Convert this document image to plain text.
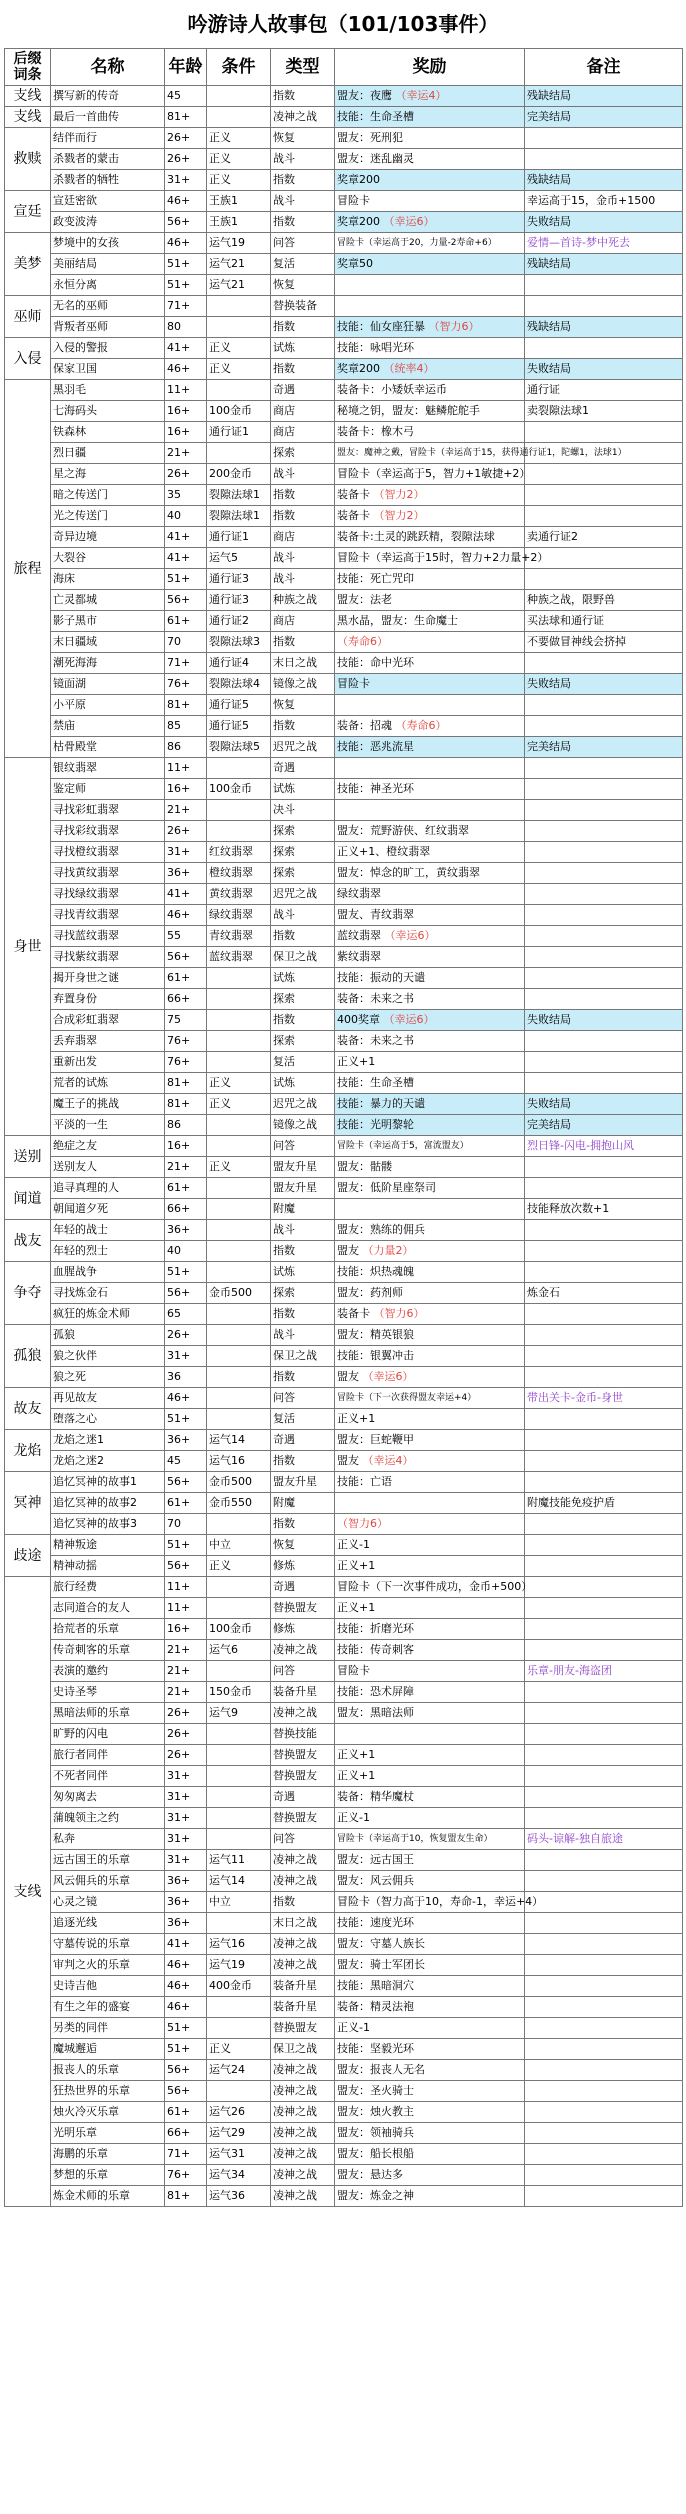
吟游诗人故事包（101/103事件）
后缀词条	名称	年龄	条件	类型	奖励	备注
支线	撰写新的传奇	45		指数	盟友：夜鹰 （幸运4）	残缺结局
支线	最后一首曲传	81+		凌神之战	技能：生命圣槽	完美结局
救赎	结伴而行	26+	正义	恢复	盟友：死刑犯	
	杀戮者的蒙击	26+	正义	战斗	盟友：迷乱幽灵	
	杀戮者的牺牲	31+	正义	指数	奖章200	残缺结局
宣廷	宣廷密欲	46+	王族1	战斗	冒险卡	幸运高于15，金币+1500
	政变波涛	56+	王族1	指数	奖章200 （幸运6）	失败结局
美梦	梦境中的女孩	46+	运气19	问答	冒险卡（幸运高于20，力量-2寿命+6）	爱情—首诗-梦中死去
	美丽结局	51+	运气21	复活	奖章50	残缺结局
	永恒分离	51+	运气21	恢复		
巫师	无名的巫师	71+		替换装备		
	背叛者巫师	80		指数	技能：仙女座狂暴 （智力6）	残缺结局
入侵	入侵的警报	41+	正义	试炼	技能：咏唱光环	
	保家卫国	46+	正义	指数	奖章200 （统率4）	失败结局
旅程	黑羽毛	11+		奇遇	装备卡：小矮妖幸运币	通行证
	七海码头	16+	100金币	商店	秘境之钥，盟友：魅鳞舵舵手	卖裂隙法球1
	铁森林	16+	通行证1	商店	装备卡：橡木弓	
	烈日疆	21+		探索	盟友：魔神之戴，冒险卡（幸运高于15，获得通行证1，陀螺1，法球1）	
	星之海	26+	200金币	战斗	冒险卡（幸运高于5，智力+1敏捷+2）	
	暗之传送门	35	裂隙法球1	指数	装备卡 （智力2）	
	光之传送门	40	裂隙法球1	指数	装备卡 （智力2）	
	奇异边境	41+	通行证1	商店	装备卡:土灵的跳跃精，裂隙法球	卖通行证2
	大裂谷	41+	运气5	战斗	冒险卡（幸运高于15时，智力+2力量+2）	
	海床	51+	通行证3	战斗	技能：死亡咒印	
	亡灵都城	56+	通行证3	种族之战	盟友：法老	种族之战，限野兽
	影子黑市	61+	通行证2	商店	黑水晶，盟友：生命魔士	买法球和通行证
	末日疆域	70	裂隙法球3	指数	（寿命6）	不要做冒神线会挤掉
	潮死海海	71+	通行证4	末日之战	技能：命中光环	
	镜面湖	76+	裂隙法球4	镜像之战	冒险卡	失败结局
	小平原	81+	通行证5	恢复		
	禁庙	85	通行证5	指数	装备：招魂 （寿命6）	
	枯骨殿堂	86	裂隙法球5	迟咒之战	技能：恶兆流星	完美结局
身世	银纹翡翠	11+		奇遇		
	鉴定师	16+	100金币	试炼	技能：神圣光环	
	寻找彩虹翡翠	21+		决斗		
	寻找彩纹翡翠	26+		探索	盟友：荒野游侠、红纹翡翠	
	寻找橙纹翡翠	31+	红纹翡翠	探索	正义+1、橙纹翡翠	
	寻找黄纹翡翠	36+	橙纹翡翠	探索	盟友：悼念的旷工，黄纹翡翠	
	寻找绿纹翡翠	41+	黄纹翡翠	迟咒之战	绿纹翡翠	
	寻找青纹翡翠	46+	绿纹翡翠	战斗	盟友、青纹翡翠	
	寻找蓝纹翡翠	55	青纹翡翠	指数	蓝纹翡翠 （幸运6）	
	寻找紫纹翡翠	56+	蓝纹翡翠	保卫之战	紫纹翡翠	
	揭开身世之谜	61+		试炼	技能：振动的天谴	
	弃置身份	66+		探索	装备：未来之书	
	合成彩虹翡翠	75		指数	400奖章 （幸运6）	失败结局
	丢弃翡翠	76+		探索	装备：未来之书	
	重新出发	76+		复活	正义+1	
	荒者的试炼	81+	正义	试炼	技能：生命圣槽	
	魔王子的挑战	81+	正义	迟咒之战	技能：暴力的天谴	失败结局
	平淡的一生	86		镜像之战	技能：光明黎轮	完美结局
送别	绝症之友	16+		问答	冒险卡（幸运高于5，富流盟友）	烈日锋-闪电-拥抱山风
	送别友人	21+	正义	盟友升星	盟友：骷髅	
闻道	追寻真理的人	61+		盟友升星	盟友：低阶星座祭司	
	朝闻道夕死	66+		附魔		技能释放次数+1
战友	年轻的战士	36+		战斗	盟友：熟练的佣兵	
	年轻的烈士	40		指数	盟友 （力量2）	
争夺	血腥战争	51+		试炼	技能：炽热魂魄	
	寻找炼金石	56+	金币500	探索	盟友：药剂师	炼金石
	疯狂的炼金术师	65		指数	装备卡 （智力6）	
孤狼	孤狼	26+		战斗	盟友：精英银狼	
	狼之伙伴	31+		保卫之战	技能：银翼冲击	
	狼之死	36		指数	盟友 （幸运6）	
故友	再见故友	46+		问答	冒险卡（下一次获得盟友幸运+4）	带出关卡-金币-身世
	堕落之心	51+		复活	正义+1	
龙焰	龙焰之迷1	36+	运气14	奇遇	盟友：巨蛇鞭甲	
	龙焰之迷2	45	运气16	指数	盟友 （幸运4）	
冥神	追忆冥神的故事1	56+	金币500	盟友升星	技能：亡语	
	追忆冥神的故事2	61+	金币550	附魔		附魔技能免疫护盾
	追忆冥神的故事3	70		指数	（智力6）	
歧途	精神叛途	51+	中立	恢复	正义-1	
	精神动摇	56+	正义	修炼	正义+1	
支线	旅行经费	11+		奇遇	冒险卡（下一次事件成功，金币+500）	
	志同道合的友人	11+		替换盟友	正义+1	
	拾荒者的乐章	16+	100金币	修炼	技能：折磨光环	
	传奇刺客的乐章	21+	运气6	凌神之战	技能：传奇刺客	
	表演的邀约	21+		问答	冒险卡	乐章-朋友-海盗团
	史诗圣琴	21+	150金币	装备升星	技能：恐术屏障	
	黑暗法师的乐章	26+	运气9	凌神之战	盟友：黑暗法师	
	旷野的闪电	26+		替换技能		
	旅行者同伴	26+		替换盟友	正义+1	
	不死者同伴	31+		替换盟友	正义+1	
	匆匆离去	31+		奇遇	装备：精华魔杖	
	蒲魄领主之约	31+		替换盟友	正义-1	
	私奔	31+		问答	冒险卡（幸运高于10，恢复盟友生命）	码头-谅解-独自旅途
	远古国王的乐章	31+	运气11	凌神之战	盟友：远古国王	
	风云佣兵的乐章	36+	运气14	凌神之战	盟友：风云佣兵	
	心灵之镜	36+	中立	指数	冒险卡（智力高于10，寿命-1，幸运+4）	
	追逐光线	36+		末日之战	技能：速度光环	
	守墓传说的乐章	41+	运气16	凌神之战	盟友：守墓人族长	
	审判之火的乐章	46+	运气19	凌神之战	盟友：骑士军团长	
	史诗吉他	46+	400金币	装备升星	技能：黑暗洞穴	
	有生之年的盛宴	46+		装备升星	装备：精灵法袍	
	另类的同伴	51+		替换盟友	正义-1	
	魔城邂逅	51+	正义	保卫之战	技能：坚毅光环	
	报丧人的乐章	56+	运气24	凌神之战	盟友：报丧人无名	
	狂热世界的乐章	56+		凌神之战	盟友：圣火骑士	
	烛火冷灭乐章	61+	运气26	凌神之战	盟友：烛火教主	
	光明乐章	66+	运气29	凌神之战	盟友：领袖骑兵	
	海鹏的乐章	71+	运气31	凌神之战	盟友：船长根船	
	梦想的乐章	76+	运气34	凌神之战	盟友：悬达多	
	炼金术师的乐章	81+	运气36	凌神之战	盟友：炼金之神	
